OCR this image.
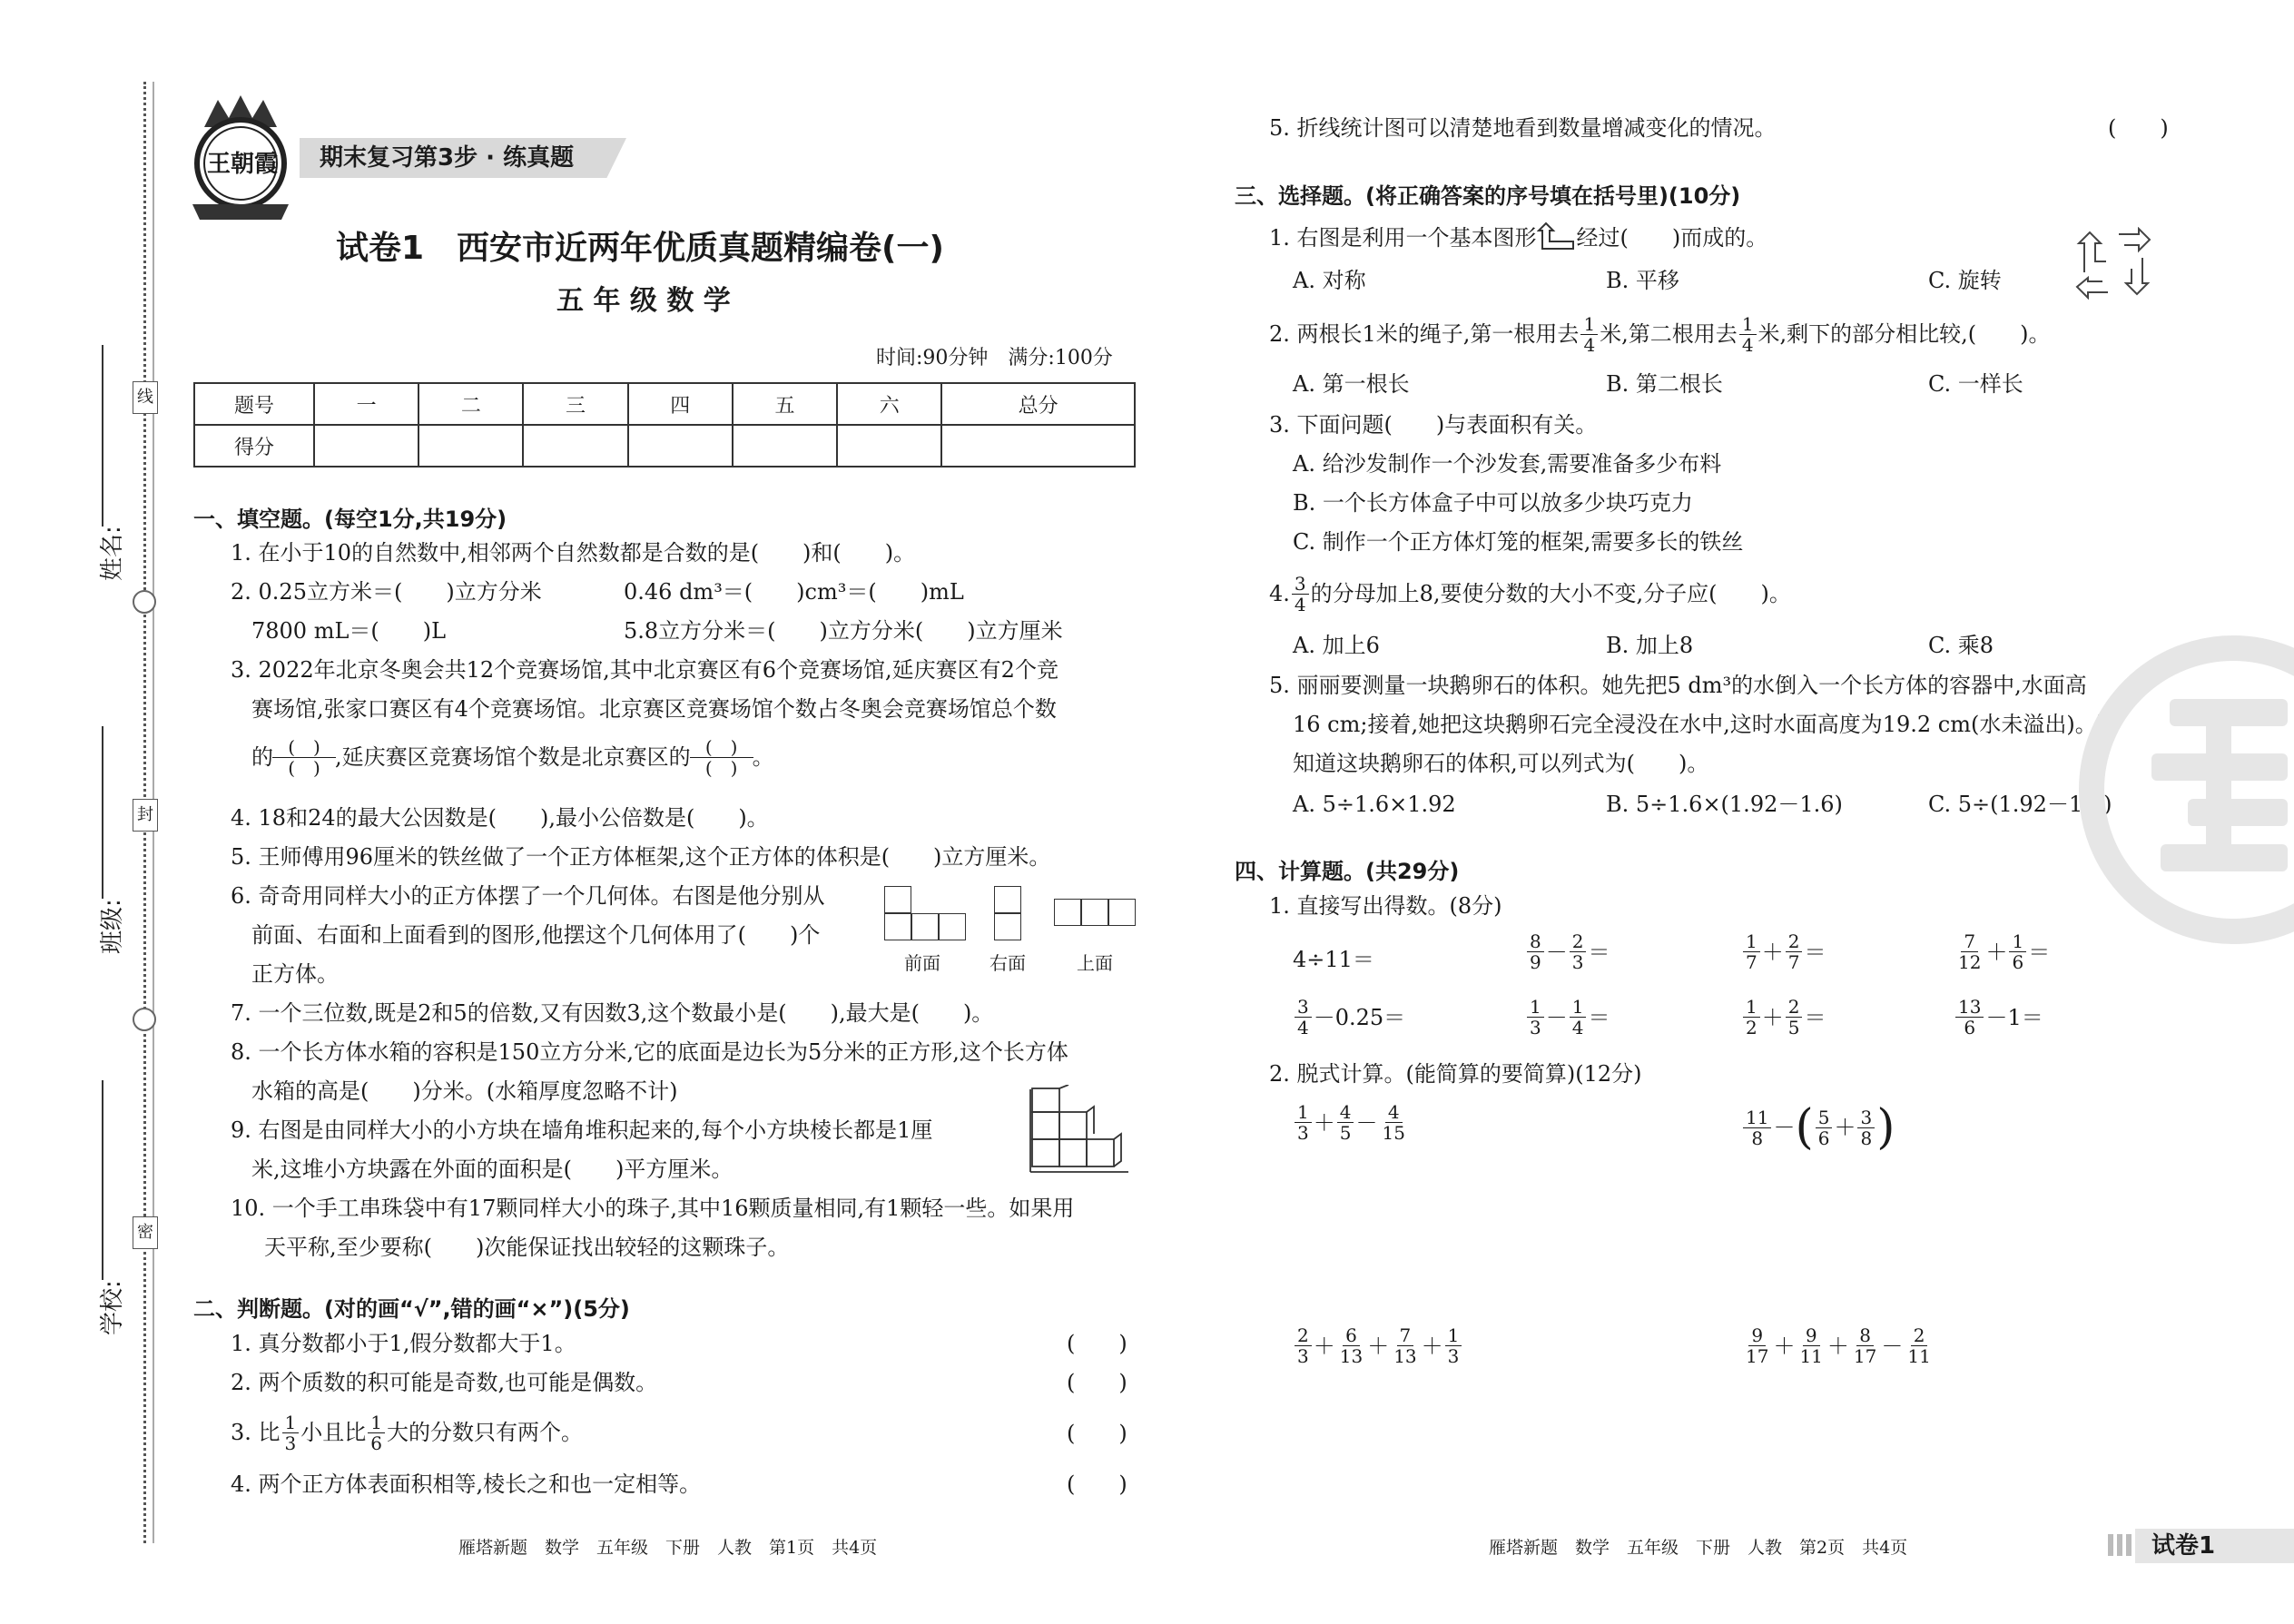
线
封
密
姓名:
班级:
学校:
王朝霞 期末复习第3步 · 练真题
试卷1　西安市近两年优质真题精编卷(一)
五 年 级 数 学
时间:90分钟　满分:100分
题号	一	二	三	四	五	六	总分
得分							
一、填空题。(每空1分,共19分)
1. 在小于10的自然数中,相邻两个自然数都是合数的是(　　)和(　　)。
2. 0.25立方米＝(　　)立方分米	0.46 dm³＝(　　)cm³＝(　　)mL
7800 mL＝(　　)L	5.8立方分米＝(　　)立方分米(　　)立方厘米
3. 2022年北京冬奥会共12个竞赛场馆,其中北京赛区有6个竞赛场馆,延庆赛区有2个竞
赛场馆,张家口赛区有4个竞赛场馆。北京赛区竞赛场馆个数占冬奥会竞赛场馆总个数
的 $\frac{( )}{( )}$ ,延庆赛区竞赛场馆个数是北京赛区的 $\frac{( )}{( )}$ 。
4. 18和24的最大公因数是(　　),最小公倍数是(　　)。
5. 王师傅用96厘米的铁丝做了一个正方体框架,这个正方体的体积是(　　)立方厘米。
6. 奇奇用同样大小的正方体摆了一个几何体。右图是他分别从
前面、右面和上面看到的图形,他摆这个几何体用了(　　)个
正方体。	前面	右面	上面
7. 一个三位数,既是2和5的倍数,又有因数3,这个数最小是(　　),最大是(　　)。
8. 一个长方体水箱的容积是150立方分米,它的底面是边长为5分米的正方形,这个长方体
水箱的高是(　　)分米。(水箱厚度忽略不计)
9. 右图是由同样大小的小方块在墙角堆积起来的,每个小方块棱长都是1厘
米,这堆小方块露在外面的面积是(　　)平方厘米。
10. 一个手工串珠袋中有17颗同样大小的珠子,其中16颗质量相同,有1颗轻一些。如果用
天平称,至少要称(　　)次能保证找出较轻的这颗珠子。
二、判断题。(对的画“√”,错的画“×”)(5分)
1. 真分数都小于1,假分数都大于1。	(　　)
2. 两个质数的积可能是奇数,也可能是偶数。	(　　)
3. 比 $\frac{1}{3}$ 小且比 $\frac{1}{6}$ 大的分数只有两个。	(　　)
4. 两个正方体表面积相等,棱长之和也一定相等。	(　　)
雁塔新题　数学　五年级　下册　人教　第1页　共4页
5. 折线统计图可以清楚地看到数量增减变化的情况。	(　　)
三、选择题。(将正确答案的序号填在括号里)(10分)
1. 右图是利用一个基本图形 经过(　　)而成的。
A. 对称	B. 平移	C. 旋转
2. 两根长1米的绳子,第一根用去 $\frac{1}{4}$ 米,第二根用去 $\frac{1}{4}$ 米,剩下的部分相比较,(　　)。
A. 第一根长	B. 第二根长	C. 一样长
3. 下面问题(　　)与表面积有关。
A. 给沙发制作一个沙发套,需要准备多少布料
B. 一个长方体盒子中可以放多少块巧克力
C. 制作一个正方体灯笼的框架,需要多长的铁丝
4. $\frac{3}{4}$ 的分母加上8,要使分数的大小不变,分子应(　　)。
A. 加上6	B. 加上8	C. 乘8
5. 丽丽要测量一块鹅卵石的体积。她先把5 dm³的水倒入一个长方体的容器中,水面高
16 cm;接着,她把这块鹅卵石完全浸没在水中,这时水面高度为19.2 cm(水未溢出)。要
知道这块鹅卵石的体积,可以列式为(　　)。
A. 5÷1.6×1.92	B. 5÷1.6×(1.92－1.6)	C. 5÷(1.92－1.6)
四、计算题。(共29分)
1. 直接写出得数。(8分)
4÷11＝	$\frac{8}{9} - \frac{2}{3}$ ＝	$\frac{1}{7} + \frac{2}{7}$ ＝	$\frac{7}{12} + \frac{1}{6}$ ＝
$\frac{3}{4} -0.25=$	$\frac{1}{3} - \frac{1}{4}$ ＝	$\frac{1}{2} + \frac{2}{5}$ ＝	$\frac{13}{6} -1=$
2. 脱式计算。(能简算的要简算)(12分)
$\frac{1}{3} + \frac{4}{5} - \frac{4}{15}$	$\frac{11}{8}$ － ( $\frac{5}{6} + \frac{3}{8}$ )
$\frac{2}{3} + \frac{6}{13} + \frac{7}{13} + \frac{1}{3}$	$\frac{9}{17} + \frac{9}{11} + \frac{8}{17} - \frac{2}{11}$
雁塔新题　数学　五年级　下册　人教　第2页　共4页	试卷1
